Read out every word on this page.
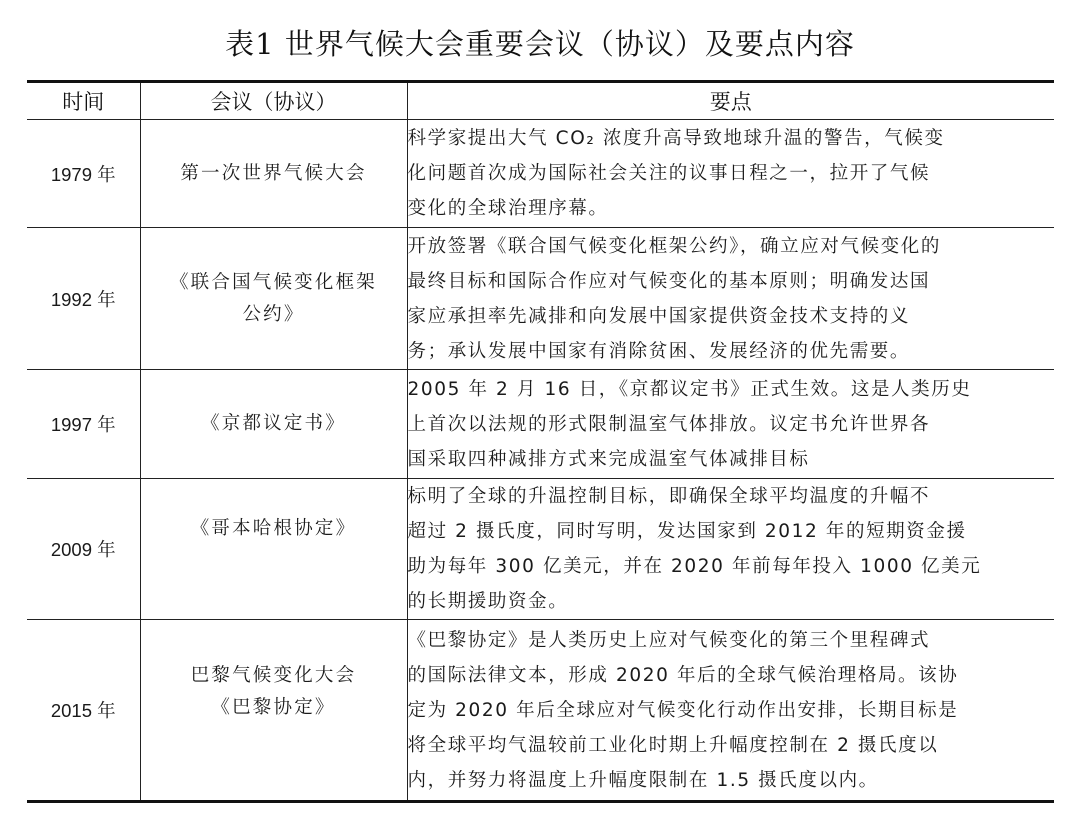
表1 世界气候大会重要会议（协议）及要点内容
时间	会议（协议）	要点
1979 年	第一次世界气候大会	科学家提出大气 CO₂ 浓度升高导致地球升温的警告，气候变
化问题首次成为国际社会关注的议事日程之一，拉开了气候
变化的全球治理序幕。

1992 年	《联合国气候变化框架
公约》	开放签署《联合国气候变化框架公约》，确立应对气候变化的
最终目标和国际合作应对气候变化的基本原则；明确发达国
家应承担率先减排和向发展中国家提供资金技术支持的义
务；承认发展中国家有消除贫困、发展经济的优先需要。

1997 年	《京都议定书》	2005 年 2 月 16 日，《京都议定书》正式生效。这是人类历史
上首次以法规的形式限制温室气体排放。议定书允许世界各
国采取四种减排方式来完成温室气体减排目标

2009 年	《哥本哈根协定》	标明了全球的升温控制目标，即确保全球平均温度的升幅不
超过 2 摄氏度，同时写明，发达国家到 2012 年的短期资金援
助为每年 300 亿美元，并在 2020 年前每年投入 1000 亿美元
的长期援助资金。

2015 年	巴黎气候变化大会
《巴黎协定》	《巴黎协定》是人类历史上应对气候变化的第三个里程碑式
的国际法律文本，形成 2020 年后的全球气候治理格局。该协
定为 2020 年后全球应对气候变化行动作出安排，长期目标是
将全球平均气温较前工业化时期上升幅度控制在 2 摄氏度以
内，并努力将温度上升幅度限制在 1.5 摄氏度以内。
